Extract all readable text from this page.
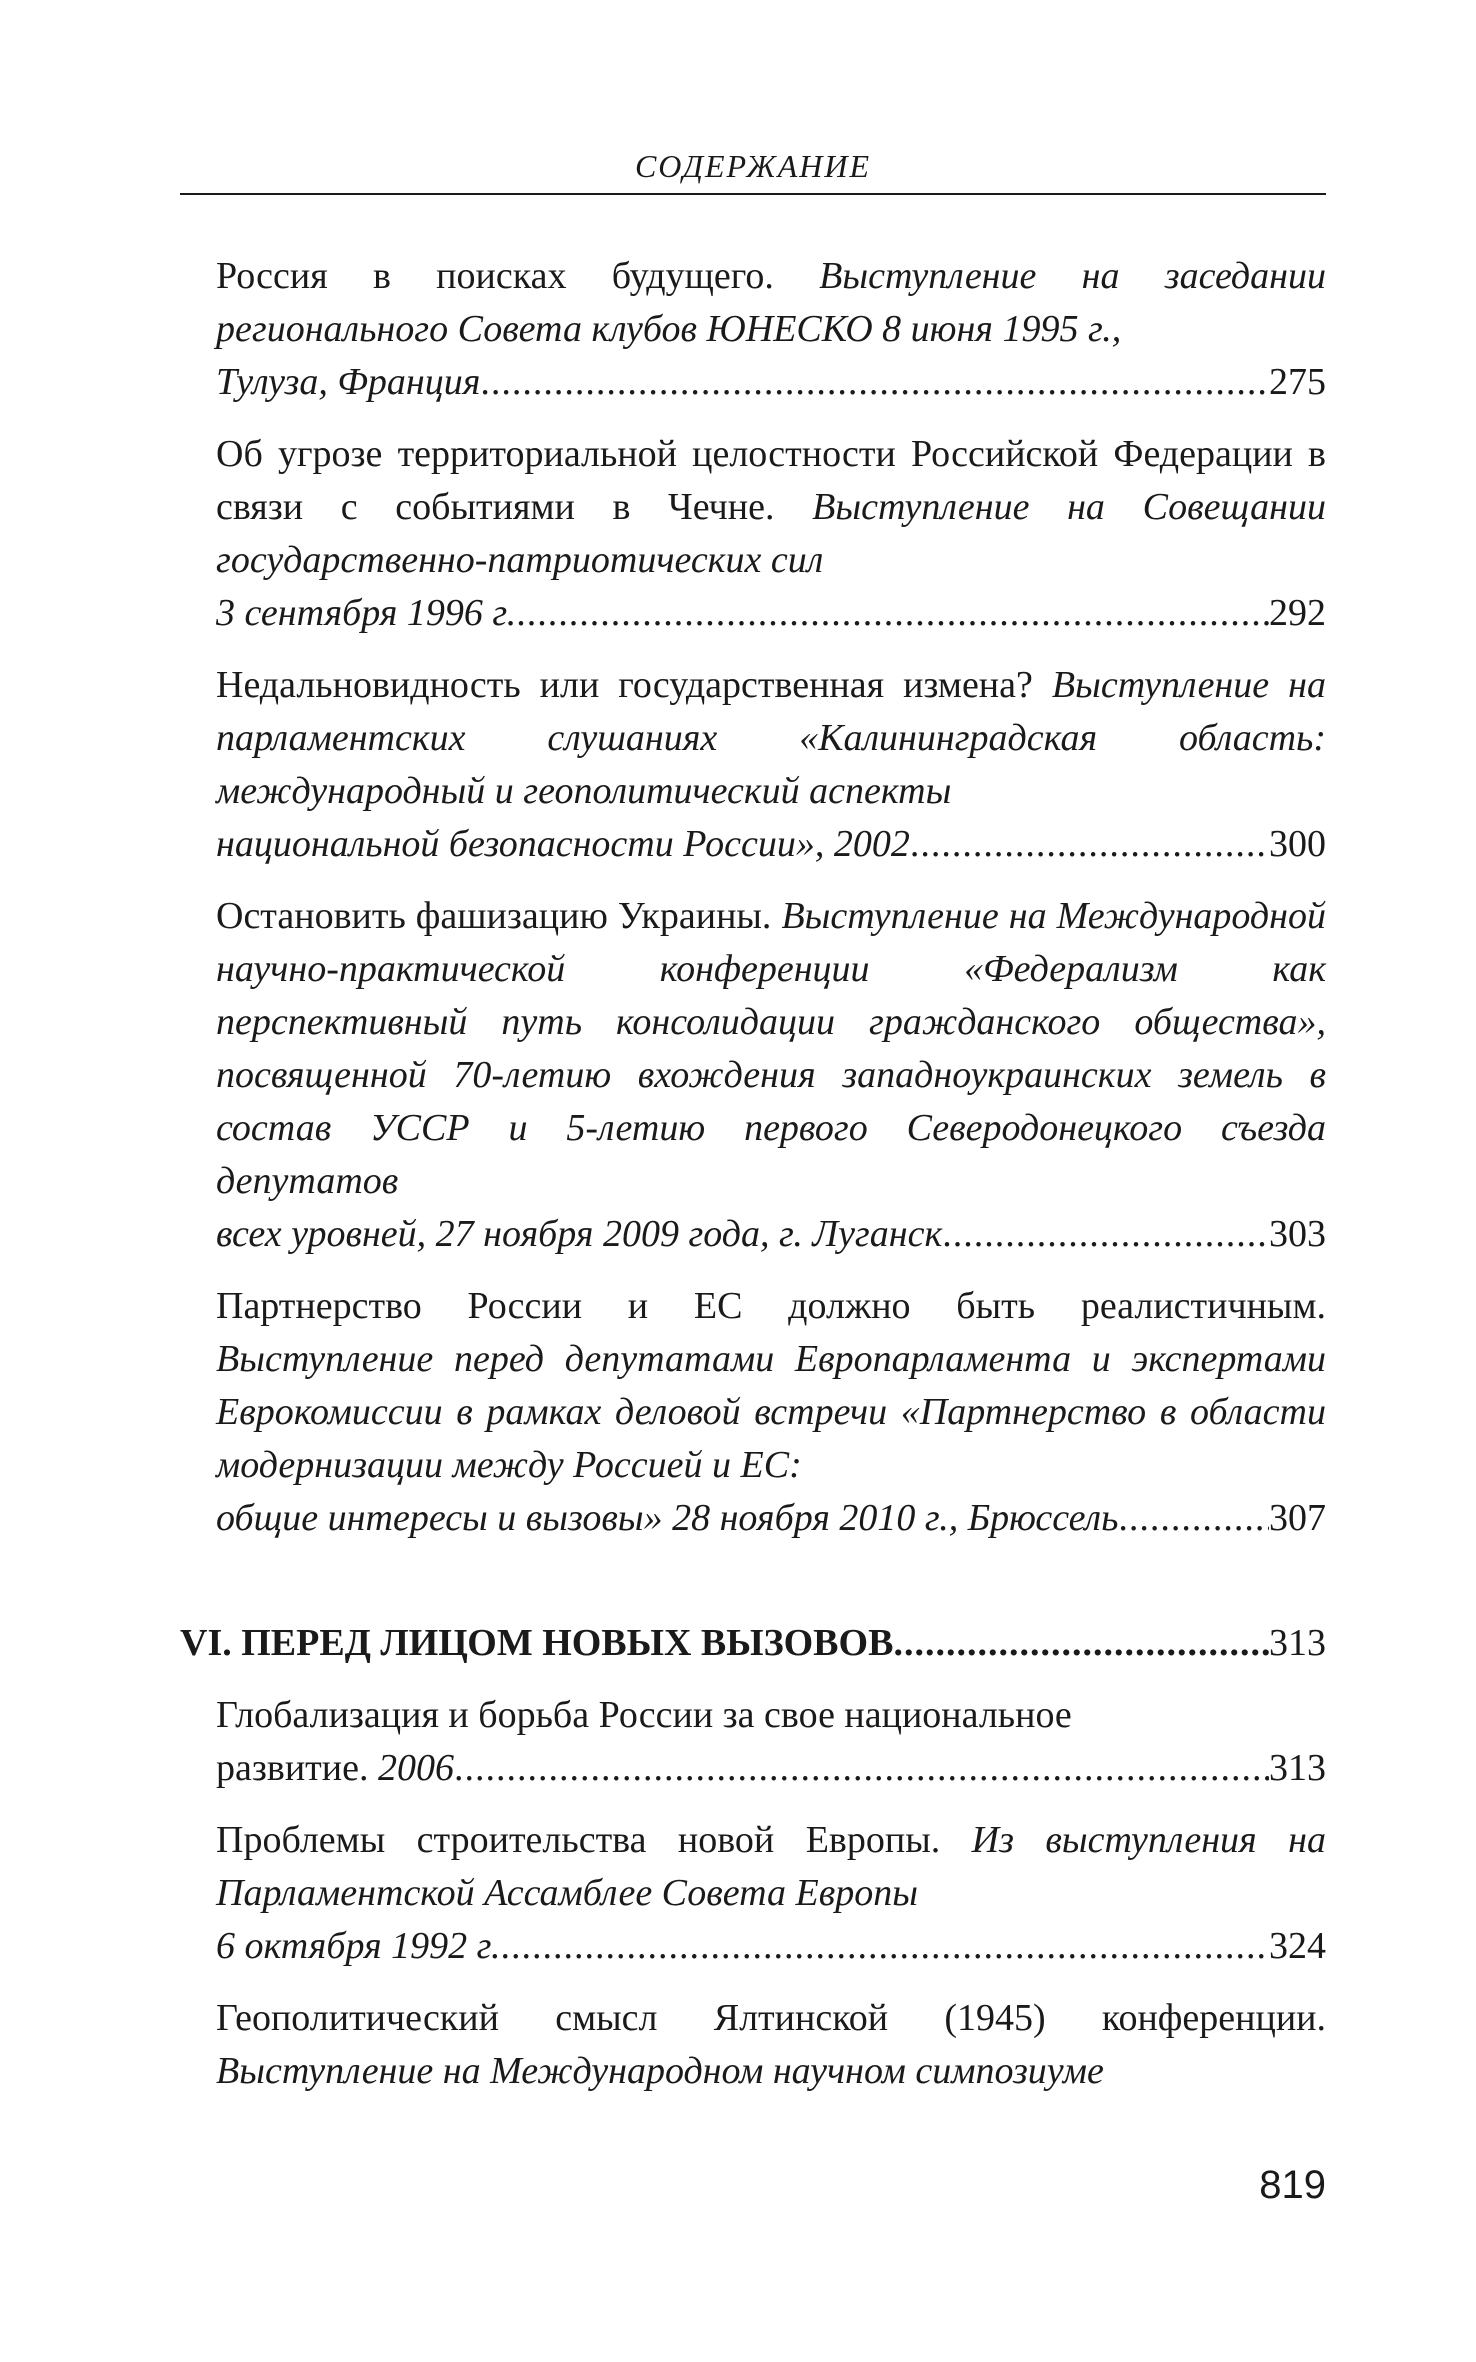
СОДЕРЖАНИЕ
Россия в поисках будущего. Выступление на заседании регионального Совета клубов ЮНЕСКО 8 июня 1995 г.,
Тулуза, Франция .....	275
Об угрозе территориальной целостности Российской Федерации в связи с событиями в Чечне. Выступление на Совещании государственно-патриотических сил
3 сентября 1996 г. .....	292
Недальновидность или государственная измена? Выступление на парламентских слушаниях «Калининградская область: международный и геополитический аспекты
национальной безопасности России», 2002 .....	300
Остановить фашизацию Украины. Выступление на Международной научно-практической конференции «Федерализм как перспективный путь консолидации гражданского общества», посвященной 70-летию вхождения западноукраинских земель в состав УССР и 5-летию первого Северодонецкого съезда депутатов
всех уровней, 27 ноября 2009 года, г. Луганск .....	303
Партнерство России и ЕС должно быть реалистичным. Выступление перед депутатами Европарламента и экспертами Еврокомиссии в рамках деловой встречи «Партнерство в области модернизации между Россией и ЕС:
общие интересы и вызовы» 28 ноября 2010 г., Брюссель .....	307
VI. ПЕРЕД ЛИЦОМ НОВЫХ ВЫЗОВОВ .....	313
Глобализация и борьба России за свое национальное
развитие.
2006 .....	313
Проблемы строительства новой Европы. Из выступления на Парламентской Ассамблее Совета Европы
6 октября 1992 г. .....	324
Геополитический смысл Ялтинской (1945) конференции. Выступление на Международном научном симпозиуме
819
